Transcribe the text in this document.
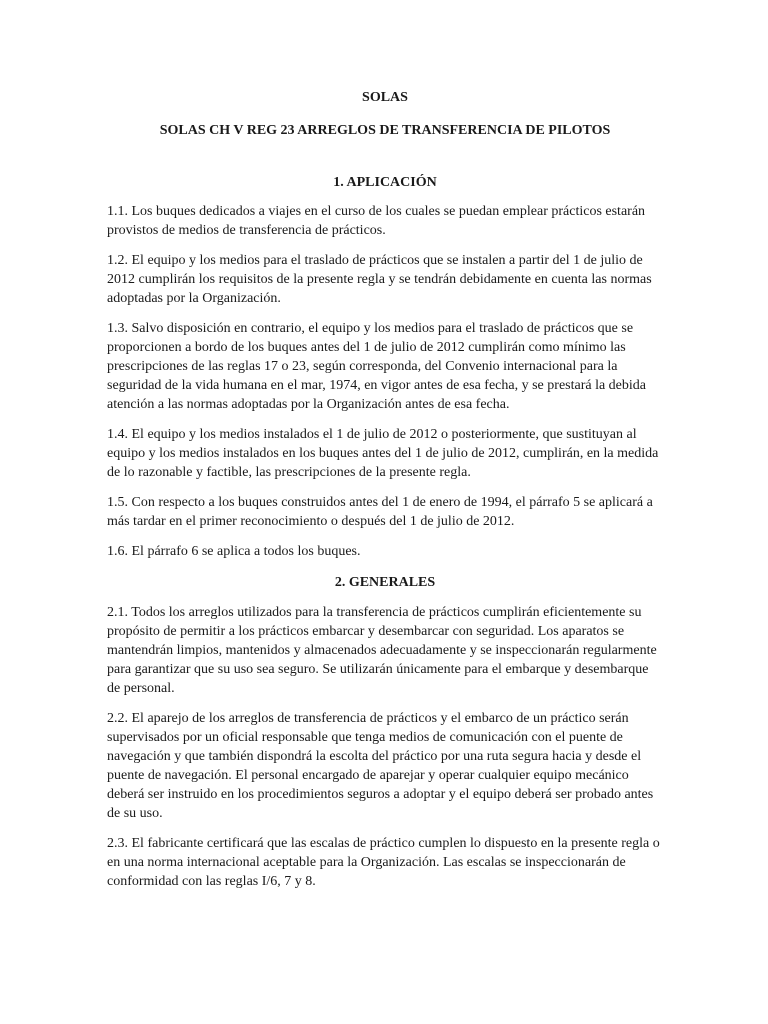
SOLAS
SOLAS CH V REG 23 ARREGLOS DE TRANSFERENCIA DE PILOTOS
1. APLICACIÓN

1.1. Los buques dedicados a viajes en el curso de los cuales se puedan emplear prácticos estarán provistos de medios de transferencia de prácticos.

1.2. El equipo y los medios para el traslado de prácticos que se instalen a partir del 1 de julio de 2012 cumplirán los requisitos de la presente regla y se tendrán debidamente en cuenta las normas adoptadas por la Organización.

1.3. Salvo disposición en contrario, el equipo y los medios para el traslado de prácticos que se proporcionen a bordo de los buques antes del 1 de julio de 2012 cumplirán como mínimo las prescripciones de las reglas 17 o 23, según corresponda, del Convenio internacional para la seguridad de la vida humana en el mar, 1974, en vigor antes de esa fecha, y se prestará la debida atención a las normas adoptadas por la Organización antes de esa fecha.

1.4. El equipo y los medios instalados el 1 de julio de 2012 o posteriormente, que sustituyan al equipo y los medios instalados en los buques antes del 1 de julio de 2012, cumplirán, en la medida de lo razonable y factible, las prescripciones de la presente regla.

1.5. Con respecto a los buques construidos antes del 1 de enero de 1994, el párrafo 5 se aplicará a más tardar en el primer reconocimiento o después del 1 de julio de 2012.

1.6. El párrafo 6 se aplica a todos los buques.

2. GENERALES

2.1. Todos los arreglos utilizados para la transferencia de prácticos cumplirán eficientemente su propósito de permitir a los prácticos embarcar y desembarcar con seguridad. Los aparatos se mantendrán limpios, mantenidos y almacenados adecuadamente y se inspeccionarán regularmente para garantizar que su uso sea seguro. Se utilizarán únicamente para el embarque y desembarque de personal.

2.2. El aparejo de los arreglos de transferencia de prácticos y el embarco de un práctico serán supervisados por un oficial responsable que tenga medios de comunicación con el puente de navegación y que también dispondrá la escolta del práctico por una ruta segura hacia y desde el puente de navegación. El personal encargado de aparejar y operar cualquier equipo mecánico deberá ser instruido en los procedimientos seguros a adoptar y el equipo deberá ser probado antes de su uso.

2.3. El fabricante certificará que las escalas de práctico cumplen lo dispuesto en la presente regla o en una norma internacional aceptable para la Organización. Las escalas se inspeccionarán de conformidad con las reglas I/6, 7 y 8.
